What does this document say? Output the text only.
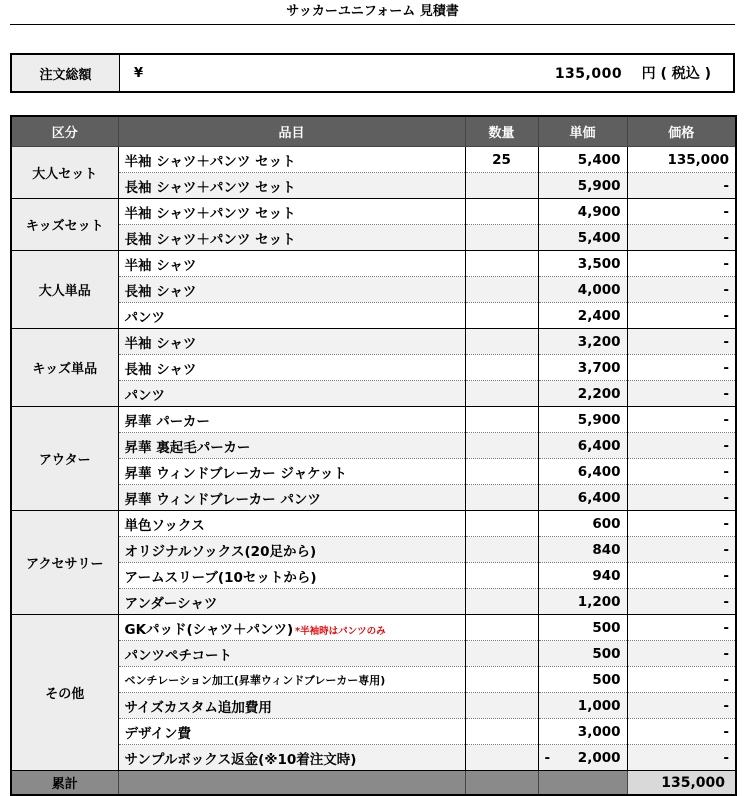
サッカーユニフォーム 見積書
注文総額	¥	135,000 円 ( 税込 )
区分	品目	数量	単価	価格
大人セット	半袖 シャツ＋パンツ セット	25	5,400	135,000
	長袖 シャツ＋パンツ セット		5,900	-
キッズセット	半袖 シャツ＋パンツ セット		4,900	-
	長袖 シャツ＋パンツ セット		5,400	-
大人単品	半袖 シャツ		3,500	-
	長袖 シャツ		4,000	-
	パンツ		2,400	-
キッズ単品	半袖 シャツ		3,200	-
	長袖 シャツ		3,700	-
	パンツ		2,200	-
アウター	昇華 パーカー		5,900	-
	昇華 裏起毛パーカー		6,400	-
	昇華 ウィンドブレーカー ジャケット		6,400	-
	昇華 ウィンドブレーカー パンツ		6,400	-
アクセサリー	単色ソックス		600	-
	オリジナルソックス(20足から)		840	-
	アームスリーブ(10セットから)		940	-
	アンダーシャツ		1,200	-
その他	GKパッド(シャツ＋パンツ) *半袖時はパンツのみ		500	-
	パンツペチコート		500	-
	ベンチレーション加工(昇華ウィンドブレーカー専用)		500	-
	サイズカスタム追加費用		1,000	-
	デザイン費		3,000	-
	サンプルボックス返金(※10着注文時)		- 2,000	-
累計				135,000
